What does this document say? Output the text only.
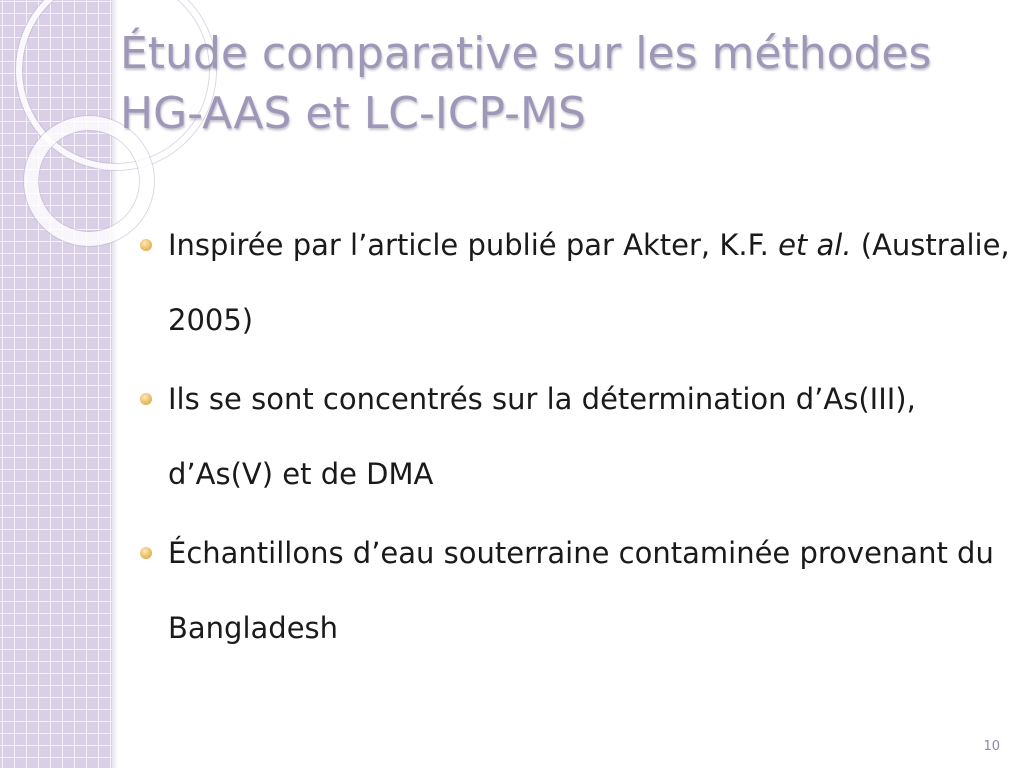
Étude comparative sur les méthodes HG-AAS et LC-ICP-MS
Inspirée par l’article publié par Akter, K.F. et al. (Australie, 2005)
Ils se sont concentrés sur la détermination d’As(III), d’As(V) et de DMA
Échantillons d’eau souterraine contaminée provenant du Bangladesh
10
